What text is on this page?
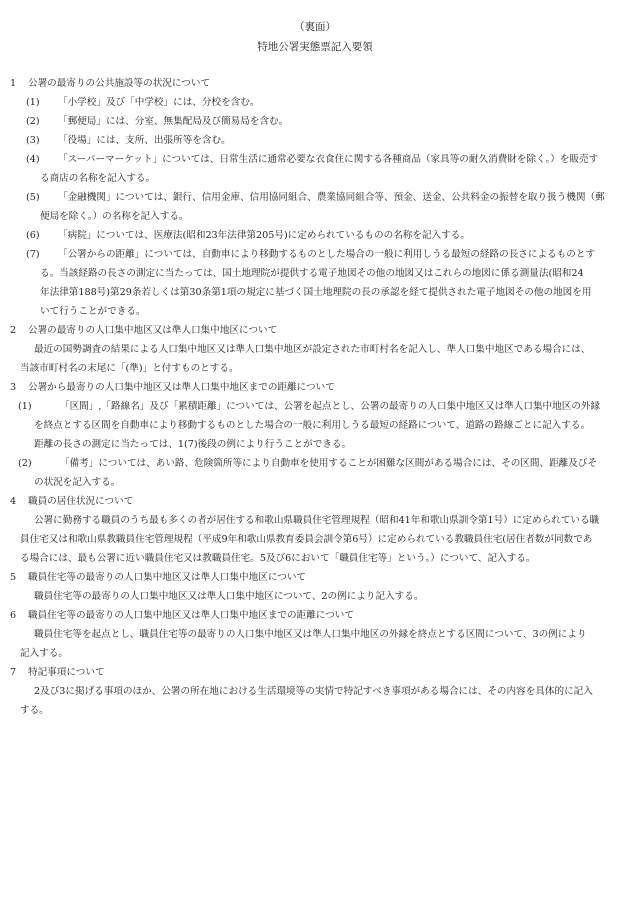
（裏面）
特地公署実態票記入要領
1 公署の最寄りの公共施設等の状況について
(1) 「小学校」及び「中学校」には、分校を含む。
(2) 「郵便局」には、分室、無集配局及び簡易局を含む。
(3) 「役場」には、支所、出張所等を含む。
(4) 「スーパーマーケット」については、日常生活に通常必要な衣食住に関する各種商品（家具等の耐久消費財を除く。）を販売す
る商店の名称を記入する。
(5) 「金融機関」については、銀行、信用金庫、信用協同組合、農業協同組合等、預金、送金、公共料金の振替を取り扱う機関（郵
便局を除く。）の名称を記入する。
(6) 「病院」については、医療法(昭和23年法律第205号)に定められているものの名称を記入する。
(7) 「公署からの距離」については、自動車により移動するものとした場合の一般に利用しうる最短の経路の長さによるものとす
る。当該経路の長さの測定に当たっては、国土地理院が提供する電子地図その他の地図又はこれらの地図に係る測量法(昭和24
年法律第188号)第29条若しくは第30条第1項の規定に基づく国土地理院の長の承認を経て提供された電子地図その他の地図を用
いて行うことができる。
2 公署の最寄りの人口集中地区又は準人口集中地区について
最近の国勢調査の結果による人口集中地区又は準人口集中地区が設定された市町村名を記入し、準人口集中地区である場合には、
当該市町村名の末尾に「(準)」と付すものとする。
3 公署から最寄りの人口集中地区又は準人口集中地区までの距離について
(1)	「区間」,「路線名」及び「累積距離」については、公署を起点とし、公署の最寄りの人口集中地区又は準人口集中地区の外縁
を終点とする区間を自動車により移動するものとした場合の一般に利用しうる最短の経路について、道路の路線ごとに記入する。
距離の長さの測定に当たっては、1(7)後段の例により行うことができる。
(2)	「備考」については、あい路、危険箇所等により自動車を使用することが困難な区間がある場合には、その区間、距離及びそ
の状況を記入する。
4 職員の居住状況について
公署に勤務する職員のうち最も多くの者が居住する和歌山県職員住宅管理規程（昭和41年和歌山県訓令第1号）に定められている職
員住宅又は和歌山県教職員住宅管理規程（平成9年和歌山県教育委員会訓令第6号）に定められている教職員住宅(居住者数が同数であ
る場合には、最も公署に近い職員住宅又は教職員住宅。5及び6において「職員住宅等」という。）について、記入する。
5 職員住宅等の最寄りの人口集中地区又は準人口集中地区について
職員住宅等の最寄りの人口集中地区又は準人口集中地区について、2の例により記入する。
6 職員住宅等の最寄りの人口集中地区又は準人口集中地区までの距離について
職員住宅等を起点とし、職員住宅等の最寄りの人口集中地区又は準人口集中地区の外縁を終点とする区間について、3の例により
記入する。
7 特記事項について
2及び3に掲げる事項のほか、公署の所在地における生活環境等の実情で特記すべき事項がある場合には、その内容を具体的に記入
する。
